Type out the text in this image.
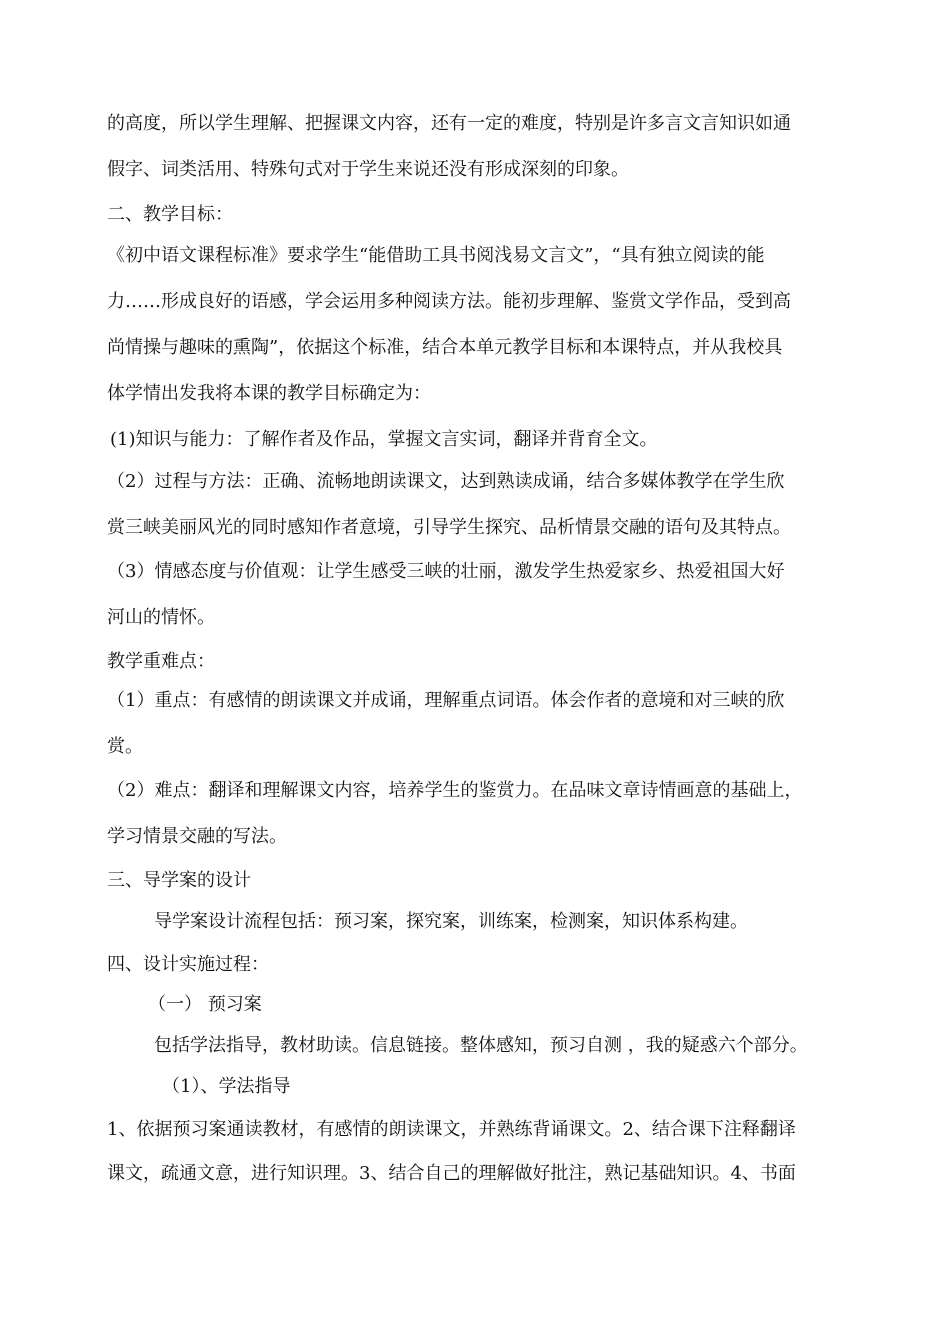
的高度，所以学生理解、把握课文内容，还有一定的难度，特别是许多言文言知识如通
假字、词类活用、特殊句式对于学生来说还没有形成深刻的印象。
二、教学目标：
《初中语文课程标准》要求学生“能借助工具书阅浅易文言文”，“具有独立阅读的能
力……形成良好的语感，学会运用多种阅读方法。能初步理解、鉴赏文学作品，受到高
尚情操与趣味的熏陶”，依据这个标准，结合本单元教学目标和本课特点，并从我校具
体学情出发我将本课的教学目标确定为：
(1)知识与能力：了解作者及作品，掌握文言实词，翻译并背育全文。
（2）过程与方法：正确、流畅地朗读课文，达到熟读成诵，结合多媒体教学在学生欣
赏三峡美丽风光的同时感知作者意境，引导学生探究、品析情景交融的语句及其特点。
（3）情感态度与价值观：让学生感受三峡的壮丽，激发学生热爱家乡、热爱祖国大好
河山的情怀。
教学重难点：
（1）重点：有感情的朗读课文并成诵，理解重点词语。体会作者的意境和对三峡的欣
赏。
（2）难点：翻译和理解课文内容，培养学生的鉴赏力。在品味文章诗情画意的基础上，
学习情景交融的写法。
三、导学案的设计
导学案设计流程包括：预习案，探究案，训练案，检测案，知识体系构建。
四、设计实施过程：
（一） 预习案
包括学法指导，教材助读。信息链接。整体感知，预习自测 ，我的疑惑六个部分。
（1）、学法指导
1、依据预习案通读教材，有感情的朗读课文，并熟练背诵课文。2、结合课下注释翻译
课文，疏通文意，进行知识理。3、结合自己的理解做好批注，熟记基础知识。4、书面
